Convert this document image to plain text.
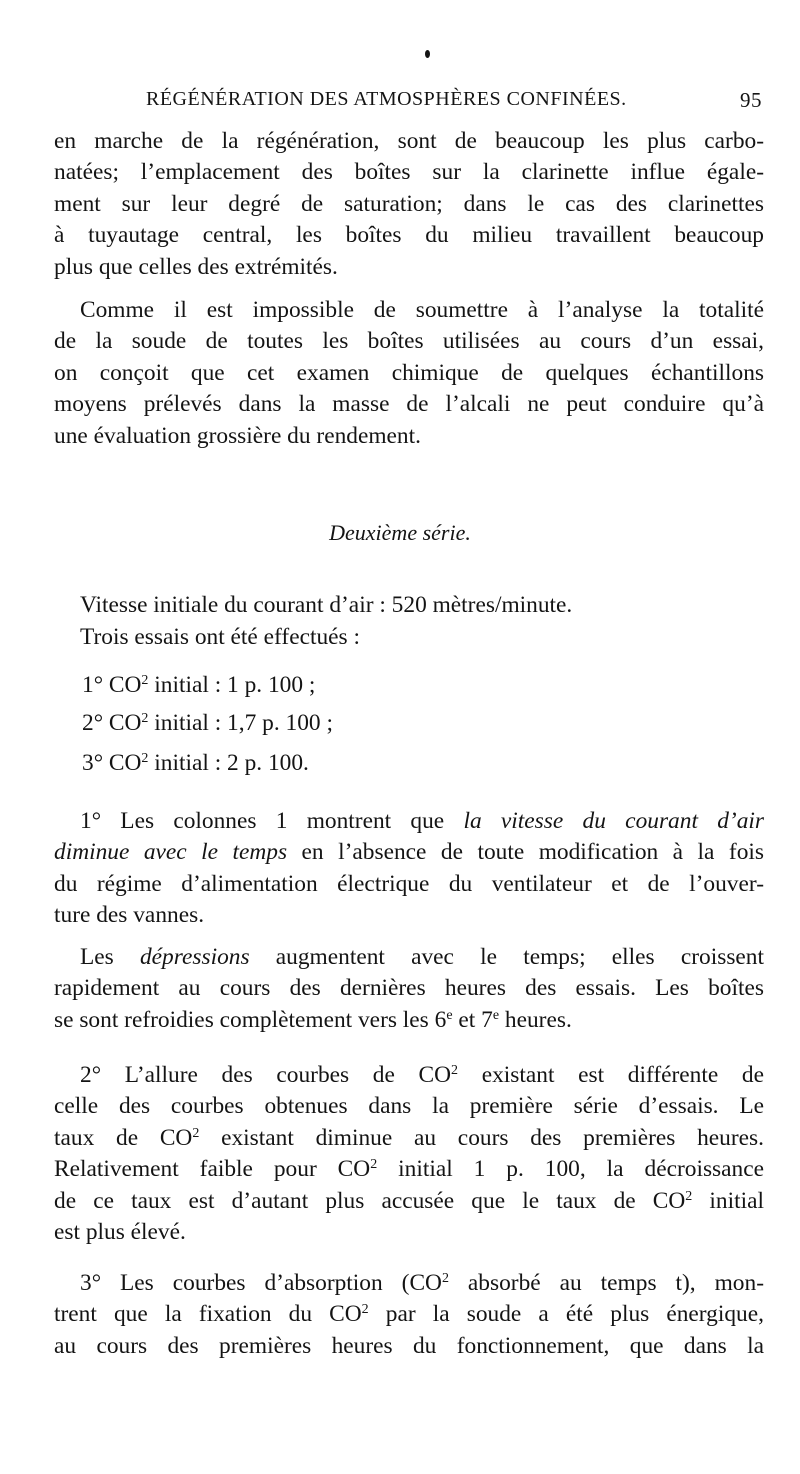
RÉGÉNÉRATION DES ATMOSPHÈRES CONFINÉES.	95
en marche de la régénération, sont de beaucoup les plus carbo-
natées; l’emplacement des boîtes sur la clarinette influe égale-
ment sur leur degré de saturation; dans le cas des clarinettes
à tuyautage central, les boîtes du milieu travaillent beaucoup
plus que celles des extrémités.
Comme il est impossible de soumettre à l’analyse la totalité
de la soude de toutes les boîtes utilisées au cours d’un essai,
on conçoit que cet examen chimique de quelques échantillons
moyens prélevés dans la masse de l’alcali ne peut conduire qu’à
une évaluation grossière du rendement.
Deuxième série.
Vitesse initiale du courant d’air : 520 mètres/minute.
Trois essais ont été effectués :
1° $CO^2$ initial : 1 p. 100 ;
2° $CO^2$ initial : 1,7 p. 100 ;
3° $CO^2$ initial : 2 p. 100.
1° Les colonnes 1 montrent que la vitesse du courant d’air
diminue avec le temps en l’absence de toute modification à la fois
du régime d’alimentation électrique du ventilateur et de l’ouver-
ture des vannes.
Les dépressions augmentent avec le temps; elles croissent
rapidement au cours des dernières heures des essais. Les boîtes
se sont refroidies complètement vers les 6e et 7e heures.
2° L’allure des courbes de $CO^2$ existant est différente de
celle des courbes obtenues dans la première série d’essais. Le
taux de $CO^2$ existant diminue au cours des premières heures.
Relativement faible pour $CO^2$ initial 1 p. 100, la décroissance
de ce taux est d’autant plus accusée que le taux de $CO^2$ initial
est plus élevé.
3° Les courbes d’absorption ($CO^2$ absorbé au temps t), mon-
trent que la fixation du $CO^2$ par la soude a été plus énergique,
au cours des premières heures du fonctionnement, que dans la
